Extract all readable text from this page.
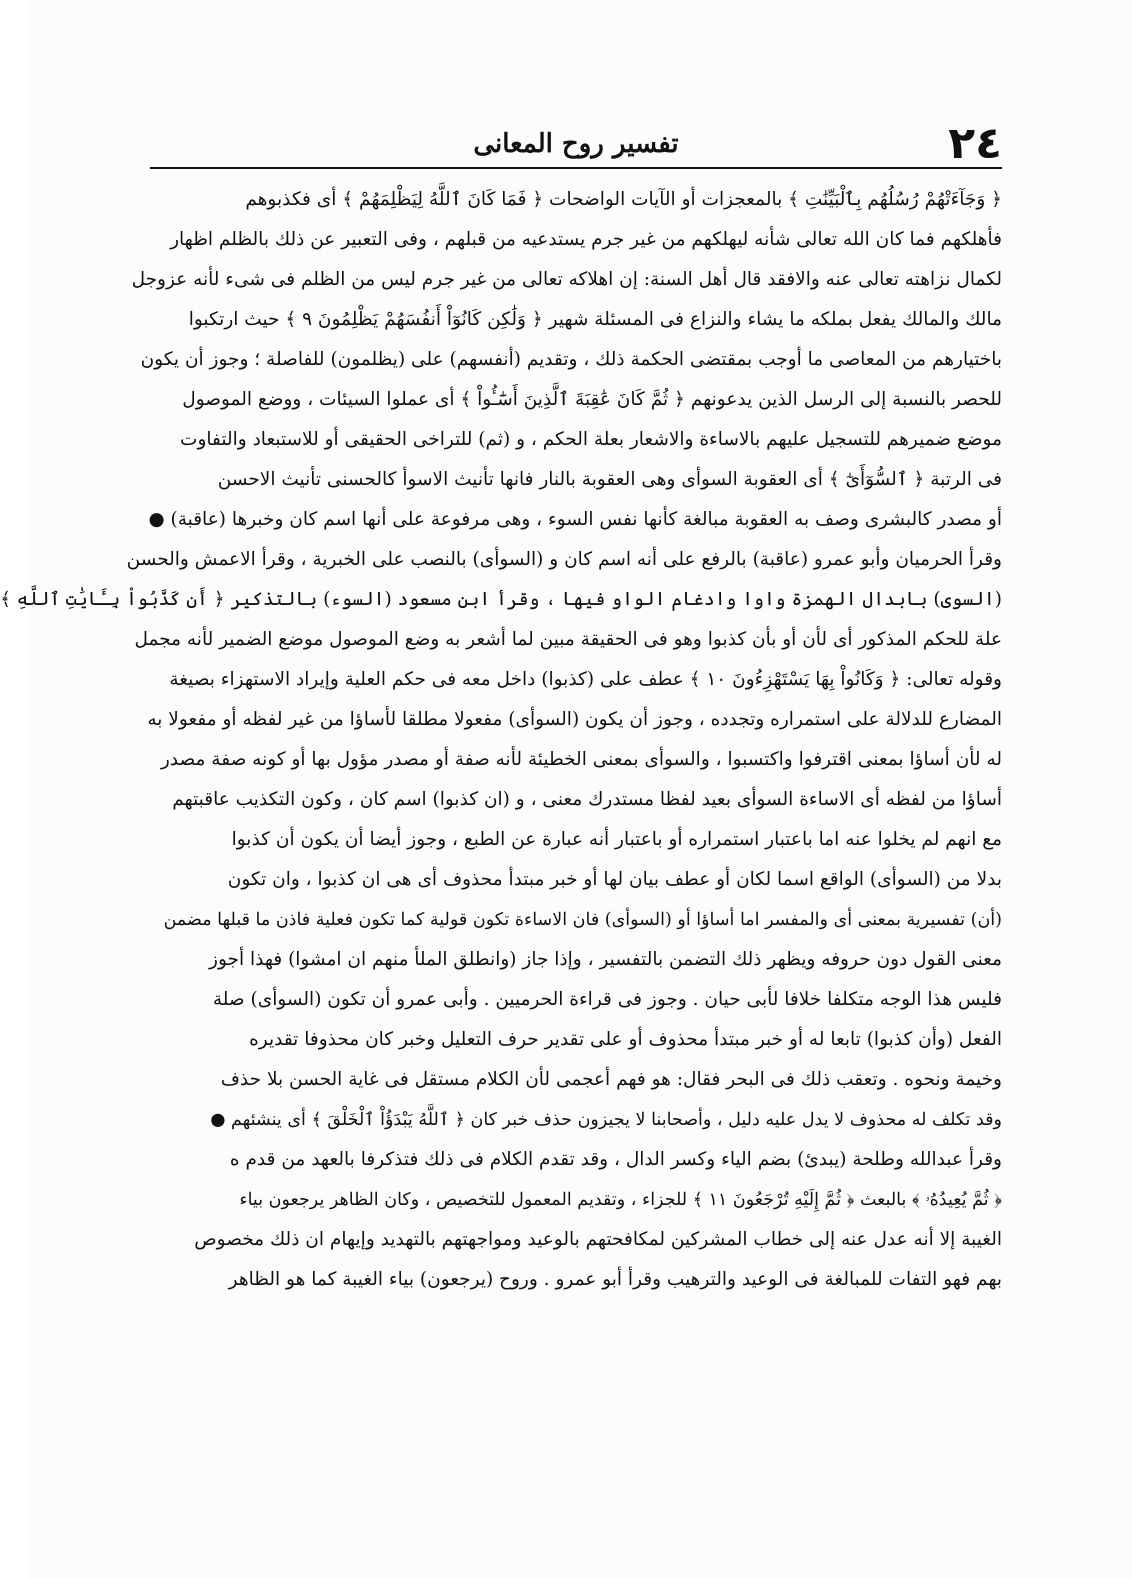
٢٤
تفسير روح المعانى
﴿ وَجَآءَتْهُمْ رُسُلُهُم بِٱلْبَيِّنَٰتِ ﴾ بالمعجزات أو الآيات الواضحات ﴿ فَمَا كَانَ ٱللَّهُ لِيَظْلِمَهُمْ ﴾ أى فكذبوهم
فأهلكهم فما كان الله تعالى شأنه ليهلكهم من غير جرم يستدعيه من قبلهم ، وفى التعبير عن ذلك بالظلم اظهار
لكمال نزاهته تعالى عنه والافقد قال أهل السنة: إن اهلاكه تعالى من غير جرم ليس من الظلم فى شىء لأنه عزوجل
مالك والمالك يفعل بملكه ما يشاء والنزاع فى المسئلة شهير ﴿ وَلَٰكِن كَانُوٓاْ أَنفُسَهُمْ يَظْلِمُونَ ٩ ﴾ حيث ارتكبوا
باختيارهم من المعاصى ما أوجب بمقتضى الحكمة ذلك ، وتقديم (أنفسهم) على (يظلمون) للفاصلة ؛ وجوز أن يكون
للحصر بالنسبة إلى الرسل الذين يدعونهم ﴿ ثُمَّ كَانَ عَٰقِبَةَ ٱلَّذِينَ أَسَٰٓـُٔواْ ﴾ أى عملوا السيئات ، ووضع الموصول
موضع ضميرهم للتسجيل عليهم بالاساءة والاشعار بعلة الحكم ، و (ثم) للتراخى الحقيقى أو للاستبعاد والتفاوت
فى الرتبة ﴿ ٱلسُّوٓأَىٰٓ ﴾ أى العقوبة السوأى وهى العقوبة بالنار فانها تأنيث الاسوأ كالحسنى تأنيث الاحسن
أو مصدر كالبشرى وصف به العقوبة مبالغة كأنها نفس السوء ، وهى مرفوعة على أنها اسم كان وخبرها (عاقبة) ●
وقرأ الحرميان وأبو عمرو (عاقبة) بالرفع على أنه اسم كان و (السوأى) بالنصب على الخبرية ، وقرأ الاعمش والحسن
(السوى) بابدال الهمزة واوا وادغام الواو فيها ، وقرأ ابن مسعود (السوء) بالتذكير ﴿ أَن كَذَّبُواْ بِـَٔايَٰتِ ٱللَّهِ ﴾
علة للحكم المذكور أى لأن أو بأن كذبوا وهو فى الحقيقة مبين لما أشعر به وضع الموصول موضع الضمير لأنه مجمل
وقوله تعالى: ﴿ وَكَانُواْ بِهَا يَسْتَهْزِءُونَ ١٠ ﴾ عطف على (كذبوا) داخل معه فى حكم العلية وإيراد الاستهزاء بصيغة
المضارع للدلالة على استمراره وتجدده ، وجوز أن يكون (السوأى) مفعولا مطلقا لأساؤا من غير لفظه أو مفعولا به
له لأن أساؤا بمعنى اقترفوا واكتسبوا ، والسوأى بمعنى الخطيئة لأنه صفة أو مصدر مؤول بها أو كونه صفة مصدر
أساؤا من لفظه أى الاساءة السوأى بعيد لفظا مستدرك معنى ، و (ان كذبوا) اسم كان ، وكون التكذيب عاقبتهم
مع انهم لم يخلوا عنه اما باعتبار استمراره أو باعتبار أنه عبارة عن الطبع ، وجوز أيضا أن يكون أن كذبوا
بدلا من (السوأى) الواقع اسما لكان أو عطف بيان لها أو خبر مبتدأ محذوف أى هى ان كذبوا ، وان تكون
(أن) تفسيرية بمعنى أى والمفسر اما أساؤا أو (السوأى) فان الاساءة تكون قولية كما تكون فعلية فاذن ما قبلها مضمن
معنى القول دون حروفه ويظهر ذلك التضمن بالتفسير ، وإذا جاز (وانطلق الملأ منهم ان امشوا) فهذا أجوز
فليس هذا الوجه متكلفا خلافا لأبى حيان . وجوز فى قراءة الحرميين . وأبى عمرو أن تكون (السوأى) صلة
الفعل (وأن كذبوا) تابعا له أو خبر مبتدأ محذوف أو على تقدير حرف التعليل وخبر كان محذوفا تقديره
وخيمة ونحوه . وتعقب ذلك فى البحر فقال: هو فهم أعجمى لأن الكلام مستقل فى غاية الحسن بلا حذف
وقد تكلف له محذوف لا يدل عليه دليل ، وأصحابنا لا يجيزون حذف خبر كان ﴿ ٱللَّهُ يَبْدَؤُاْ ٱلْخَلْقَ ﴾ أى ينشئهم ●
وقرأ عبدالله وطلحة (يبدئ) بضم الياء وكسر الدال ، وقد تقدم الكلام فى ذلك فتذكرفا بالعهد من قدم ه
﴿ ثُمَّ يُعِيدُهُۥ ﴾ بالبعث ﴿ ثُمَّ إِلَيْهِ تُرْجَعُونَ ١١ ﴾ للجزاء ، وتقديم المعمول للتخصيص ، وكان الظاهر يرجعون بياء
الغيبة إلا أنه عدل عنه إلى خطاب المشركين لمكافحتهم بالوعيد ومواجهتهم بالتهديد وإيهام ان ذلك مخصوص
بهم فهو التفات للمبالغة فى الوعيد والترهيب وقرأ أبو عمرو . وروح (يرجعون) بياء الغيبة كما هو الظاهر
